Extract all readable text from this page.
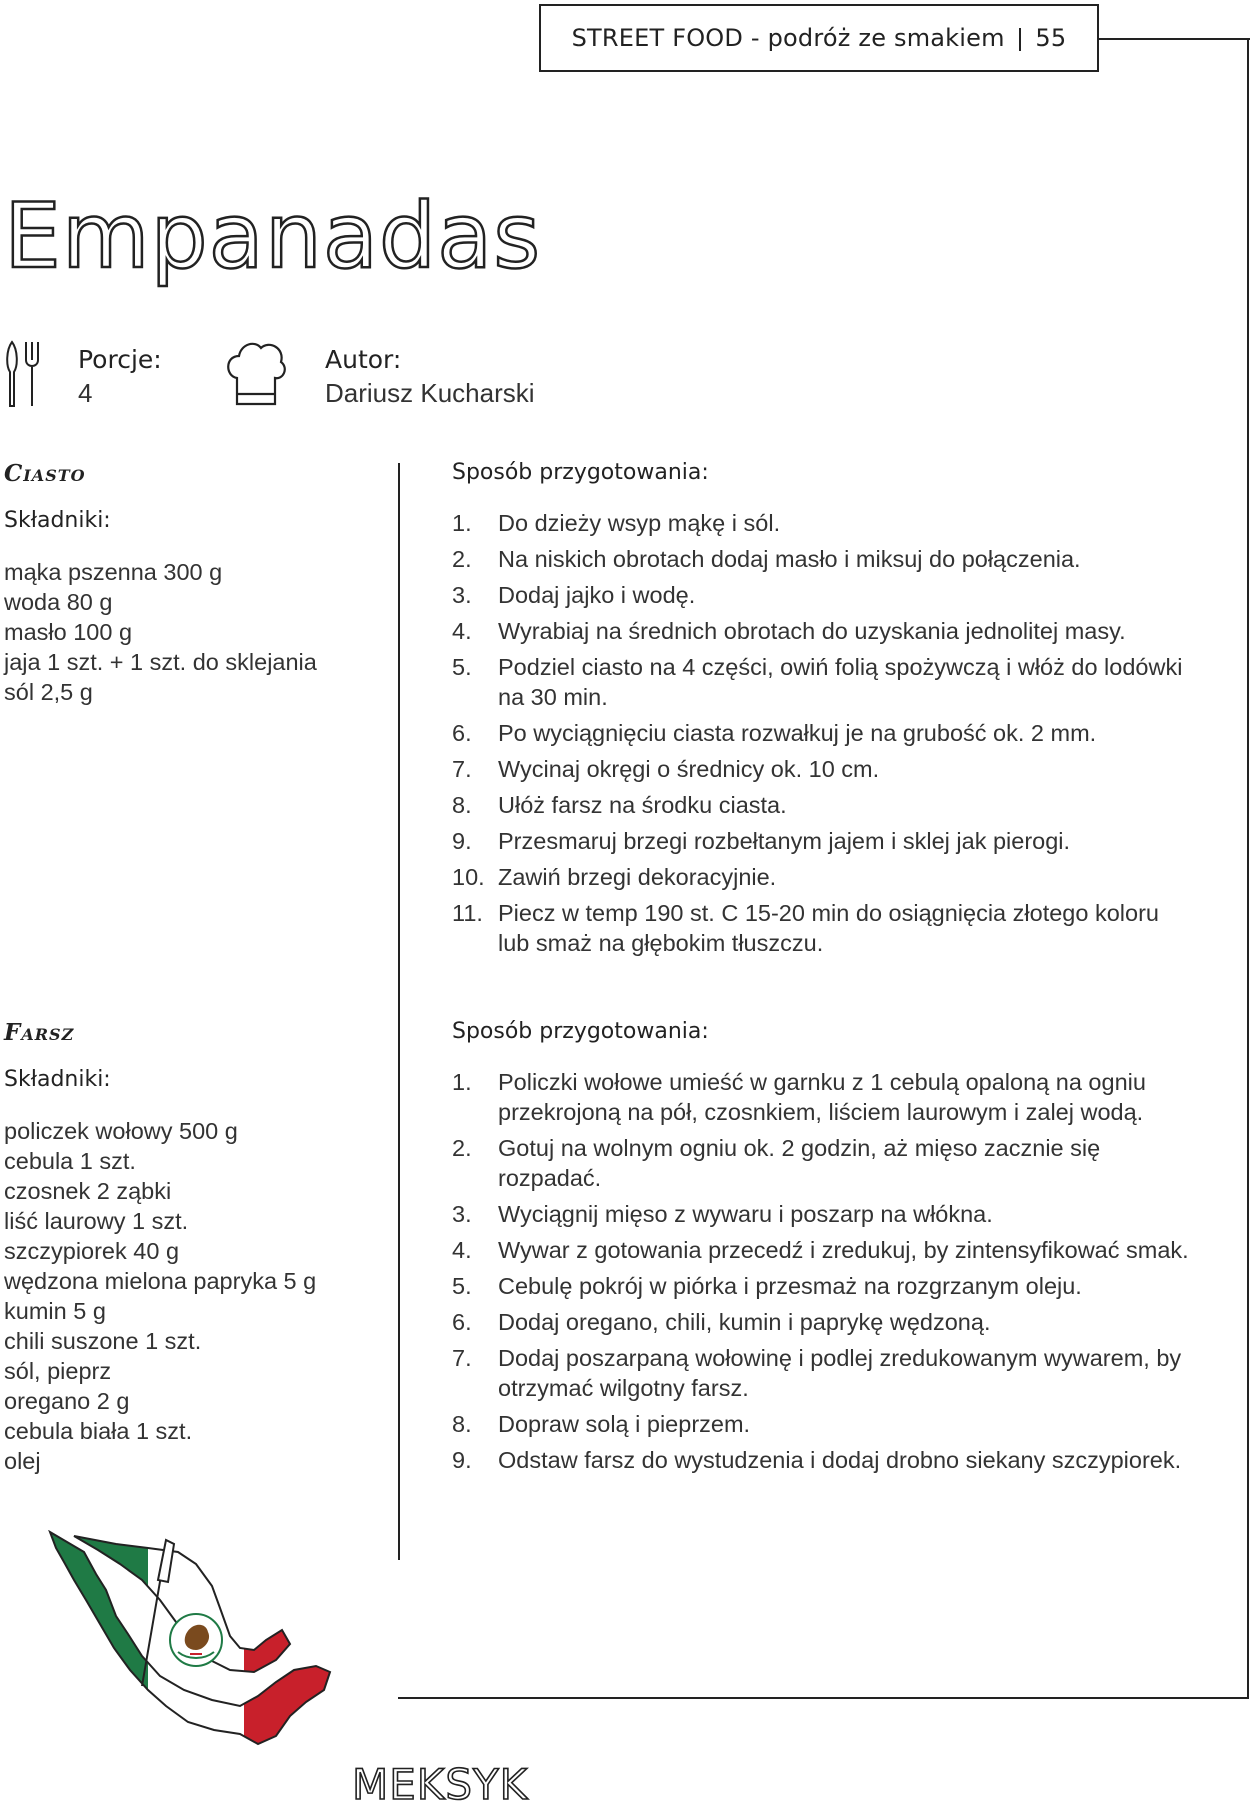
STREET FOOD - podróż ze smakiem | 55
Empanadas
Porcje:
4
Autor:
Dariusz Kucharski
Ciasto
Składniki:
mąka pszenna 300 g
woda 80 g
masło 100 g
jaja 1 szt. + 1 szt. do sklejania
sól 2,5 g
Sposób przygotowania:
1.	Do dzieży wsyp mąkę i sól.
2.	Na niskich obrotach dodaj masło i miksuj do połączenia.
3.	Dodaj jajko i wodę.
4.	Wyrabiaj na średnich obrotach do uzyskania jednolitej masy.
5.	Podziel ciasto na 4 części, owiń folią spożywczą i włóż do lodówki na 30 min.
6.	Po wyciągnięciu ciasta rozwałkuj je na grubość ok. 2 mm.
7.	Wycinaj okręgi o średnicy ok. 10 cm.
8.	Ułóż farsz na środku ciasta.
9.	Przesmaruj brzegi rozbełtanym jajem i sklej jak pierogi.
10. Zawiń brzegi dekoracyjnie.
11. Piecz w temp 190 st. C 15-20 min do osiągnięcia złotego koloru lub smaż na głębokim tłuszczu.
Farsz
Składniki:
policzek wołowy 500 g
cebula 1 szt.
czosnek 2 ząbki
liść laurowy 1 szt.
szczypiorek 40 g
wędzona mielona papryka 5 g
kumin 5 g
chili suszone 1 szt.
sól, pieprz
oregano 2 g
cebula biała 1 szt.
olej
Sposób przygotowania:
1.	Policzki wołowe umieść w garnku z 1 cebulą opaloną na ogniu przekrojoną na pół, czosnkiem, liściem laurowym i zalej wodą.
2.	Gotuj na wolnym ogniu ok. 2 godzin, aż mięso zacznie się rozpadać.
3.	Wyciągnij mięso z wywaru i poszarp na włókna.
4.	Wywar z gotowania przecedź i zredukuj, by zintensyfikować smak.
5.	Cebulę pokrój w piórka i przesmaż na rozgrzanym oleju.
6.	Dodaj oregano, chili, kumin i paprykę wędzoną.
7.	Dodaj poszarpaną wołowinę i podlej zredukowanym wywarem, by otrzymać wilgotny farsz.
8.	Dopraw solą i pieprzem.
9.	Odstaw farsz do wystudzenia i dodaj drobno siekany szczypiorek.
MEKSYK
